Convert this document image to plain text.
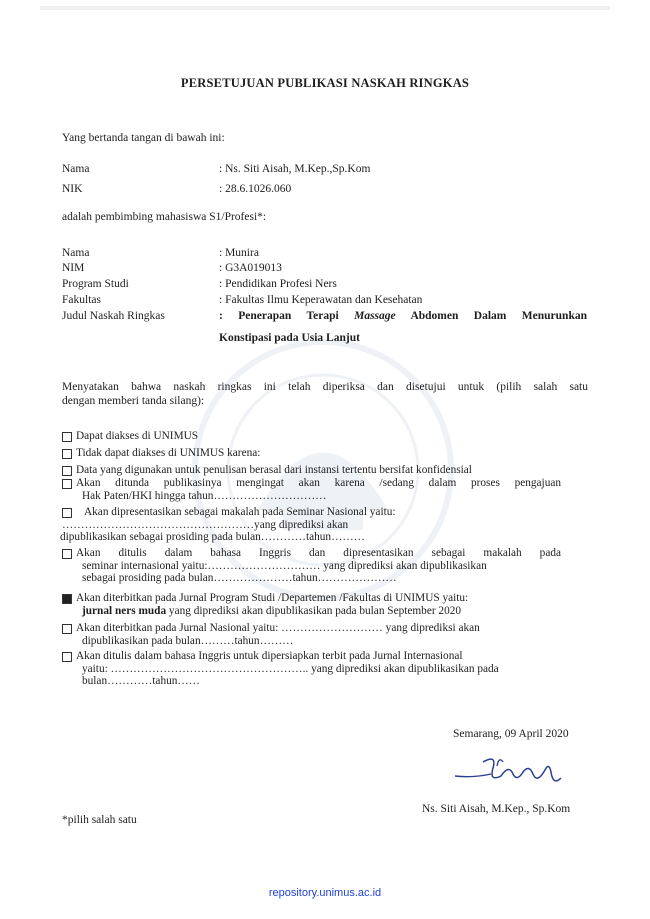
PERSETUJUAN PUBLIKASI NASKAH RINGKAS
Yang bertanda tangan di bawah ini:
Nama	: Ns. Siti Aisah, M.Kep.,Sp.Kom
NIK	: 28.6.1026.060
adalah pembimbing mahasiswa S1/Profesi*:
Nama	: Munira
NIM	: G3A019013
Program Studi	: Pendidikan Profesi Ners
Fakultas	: Fakultas Ilmu Keperawatan dan Kesehatan
Judul Naskah Ringkas	: Penerapan Terapi Massage Abdomen Dalam Menurunkan
Konstipasi pada Usia Lanjut
Menyatakan bahwa naskah ringkas ini telah diperiksa dan disetujui untuk (pilih salah satu
dengan memberi tanda silang):
Dapat diakses di UNIMUS
Tidak dapat diakses di UNIMUS karena:
Data yang digunakan untuk penulisan berasal dari instansi tertentu bersifat konfidensial
Akan ditunda publikasinya mengingat akan karena /sedang dalam proses pengajuan
Hak Paten/HKI hingga tahun…………………………
Akan dipresentasikan sebagai makalah pada Seminar Nasional yaitu:
……………………………………………yang diprediksi akan
dipublikasikan sebagai prosiding pada bulan…………tahun………
Akan ditulis dalam bahasa Inggris dan dipresentasikan sebagai makalah pada
seminar internasional yaitu:………………………… yang diprediksi akan dipublikasikan
sebagai prosiding pada bulan…………………tahun…………………
Akan diterbitkan pada Jurnal Program Studi /Departemen /Fakultas di UNIMUS yaitu:
jurnal ners muda yang diprediksi akan dipublikasikan pada bulan September 2020
Akan diterbitkan pada Jurnal Nasional yaitu: ……………………… yang diprediksi akan
dipublikasikan pada bulan………tahun………
Akan ditulis dalam bahasa Inggris untuk dipersiapkan terbit pada Jurnal Internasional
yaitu: …………………………………………….. yang diprediksi akan dipublikasikan pada
bulan…………tahun……
Semarang, 09 April 2020
Ns. Siti Aisah, M.Kep., Sp.Kom
*pilih salah satu
repository.unimus.ac.id
